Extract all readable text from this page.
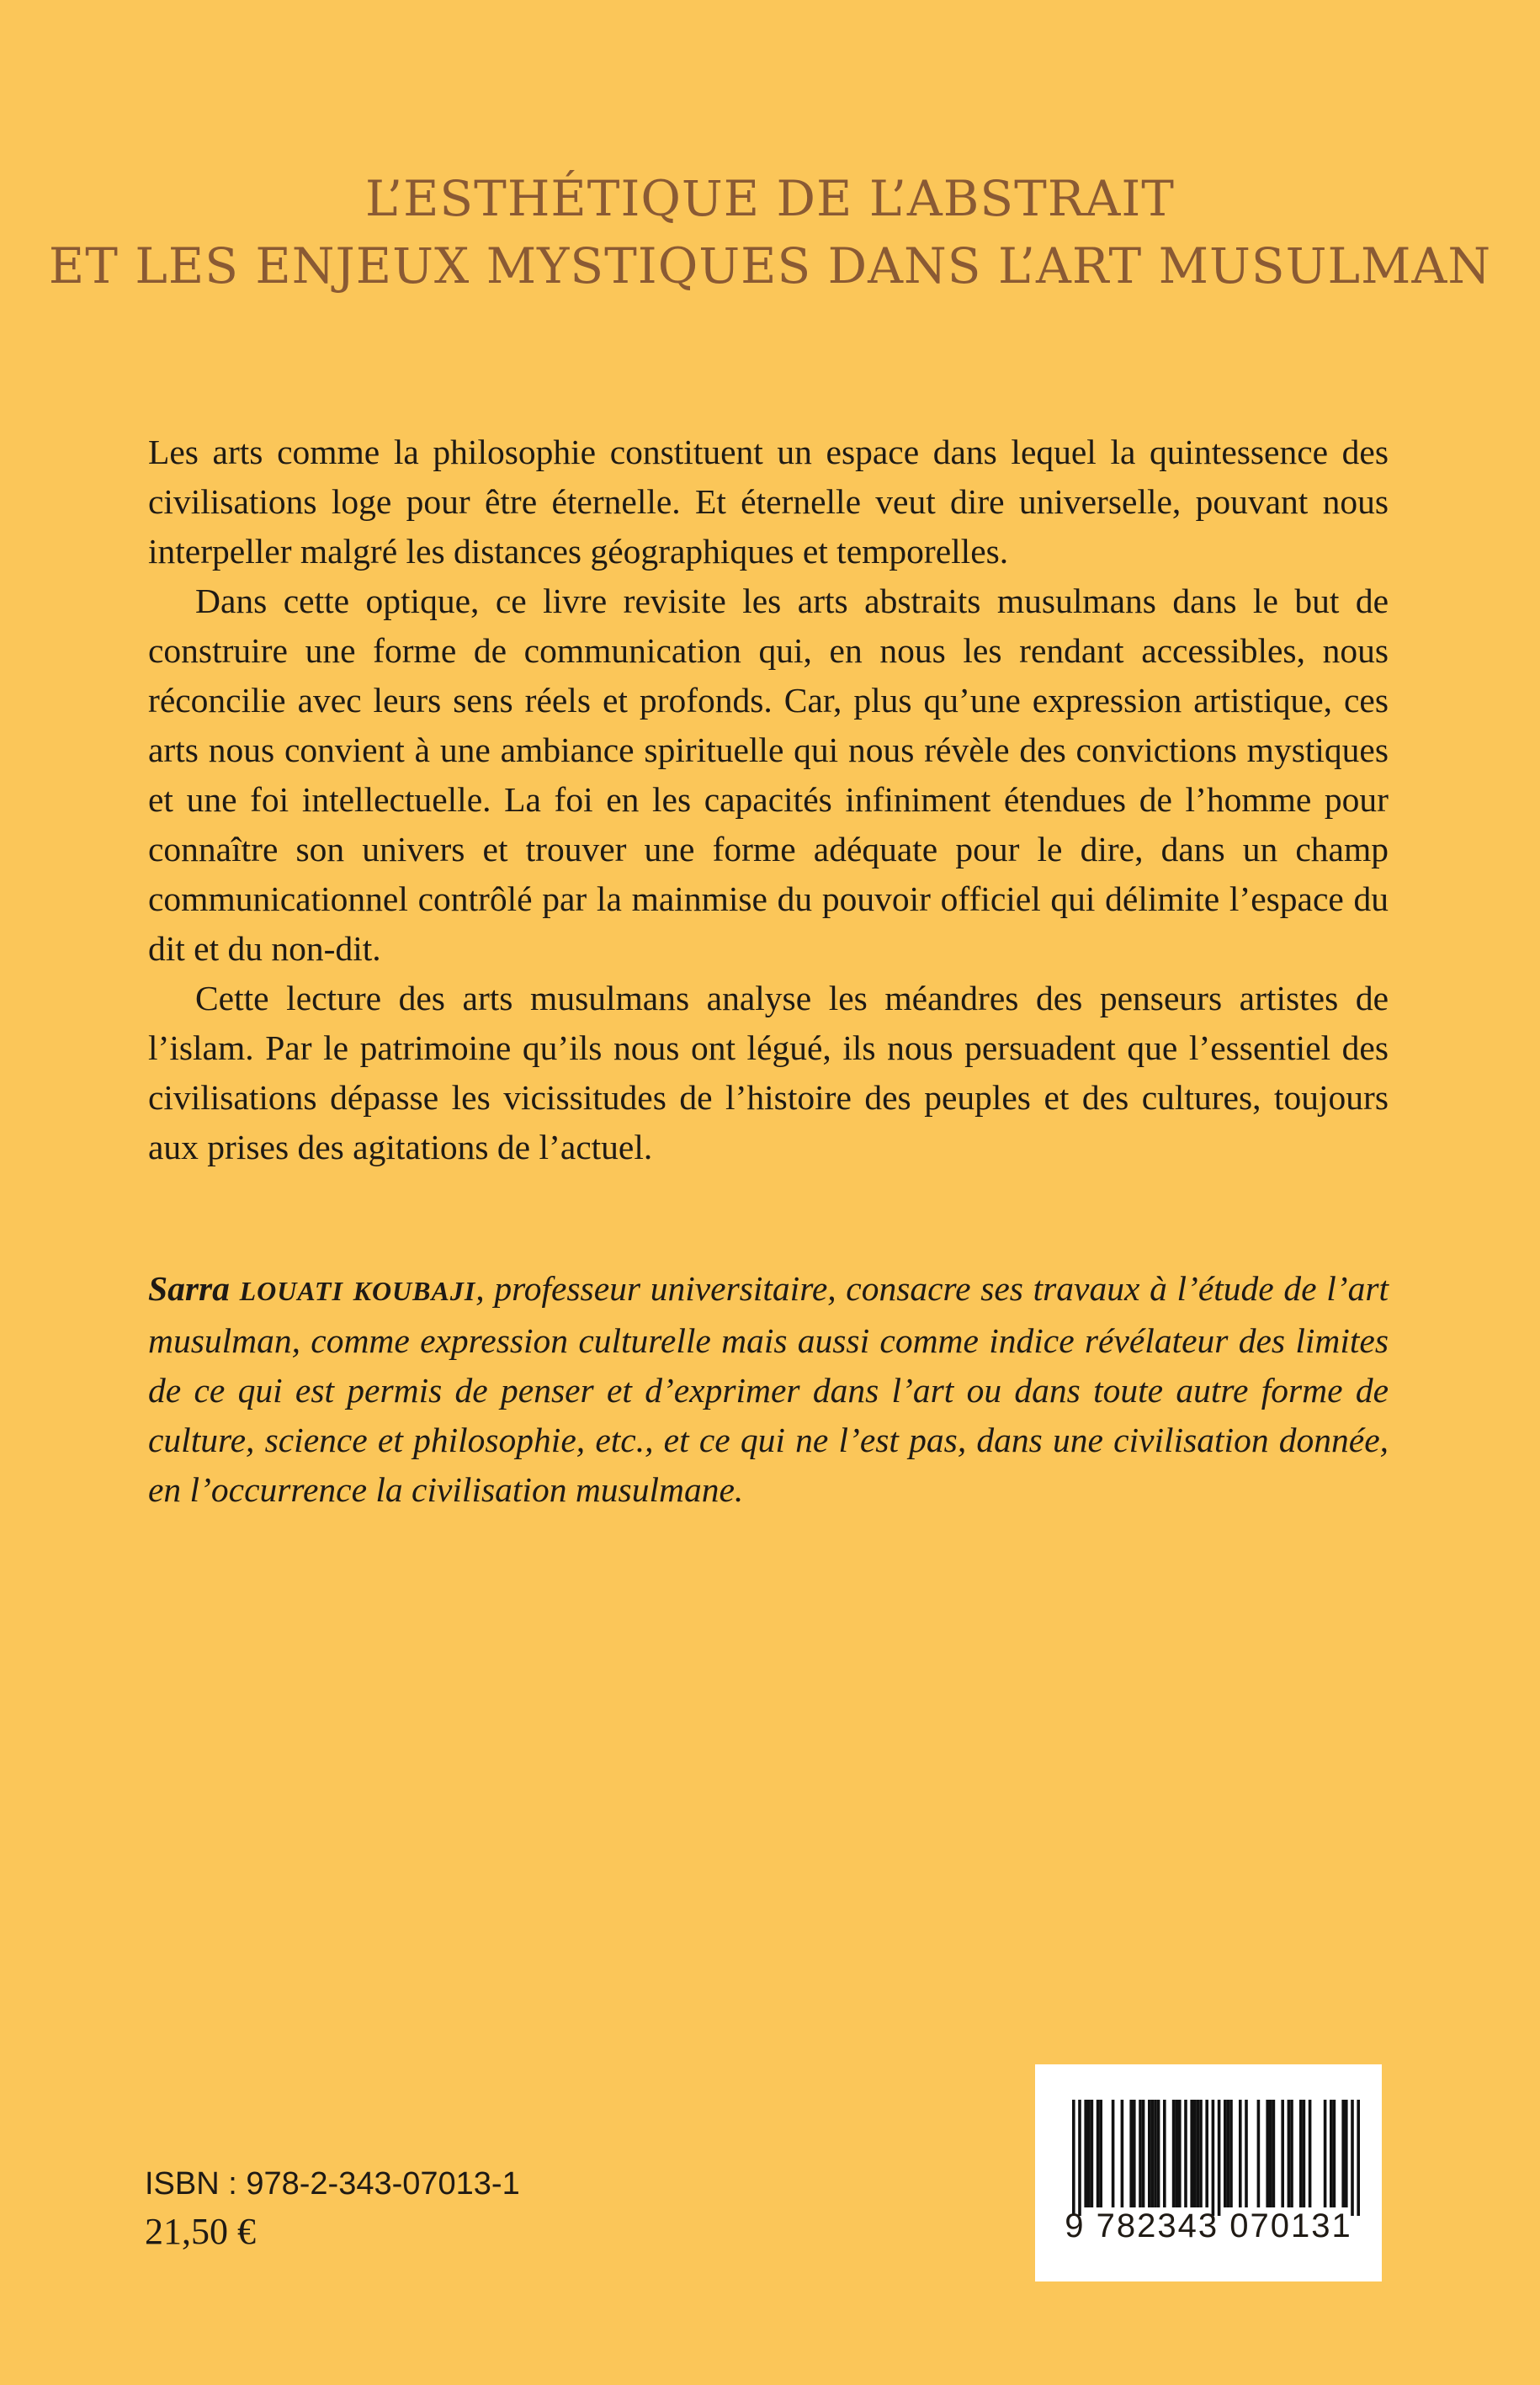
L’ESTHÉTIQUE DE L’ABSTRAIT
ET LES ENJEUX MYSTIQUES DANS L’ART MUSULMAN

Les arts comme la philosophie constituent un espace dans lequel la quintessence des civilisations loge pour être éternelle. Et éternelle veut dire universelle, pouvant nous interpeller malgré les distances géographiques et temporelles.

Dans cette optique, ce livre revisite les arts abstraits musulmans dans le but de construire une forme de communication qui, en nous les rendant accessibles, nous réconcilie avec leurs sens réels et profonds. Car, plus qu’une expression artistique, ces arts nous convient à une ambiance spirituelle qui nous révèle des convictions mystiques et une foi intellectuelle. La foi en les capacités infiniment étendues de l’homme pour connaître son univers et trouver une forme adéquate pour le dire, dans un champ communicationnel contrôlé par la mainmise du pouvoir officiel qui délimite l’espace du dit et du non-dit.

Cette lecture des arts musulmans analyse les méandres des penseurs artistes de l’islam. Par le patrimoine qu’ils nous ont légué, ils nous persuadent que l’essentiel des civilisations dépasse les vicissitudes de l’histoire des peuples et des cultures, toujours aux prises des agitations de l’actuel.

Sarra LOUATI KOUBAJI, professeur universitaire, consacre ses travaux à l’étude de l’art musulman, comme expression culturelle mais aussi comme indice révélateur des limites de ce qui est permis de penser et d’exprimer dans l’art ou dans toute autre forme de culture, science et philosophie, etc., et ce qui ne l’est pas, dans une civilisation donnée, en l’occurrence la civilisation musulmane.

ISBN : 978-2-343-07013-1
21,50 €	9 782343 070131
